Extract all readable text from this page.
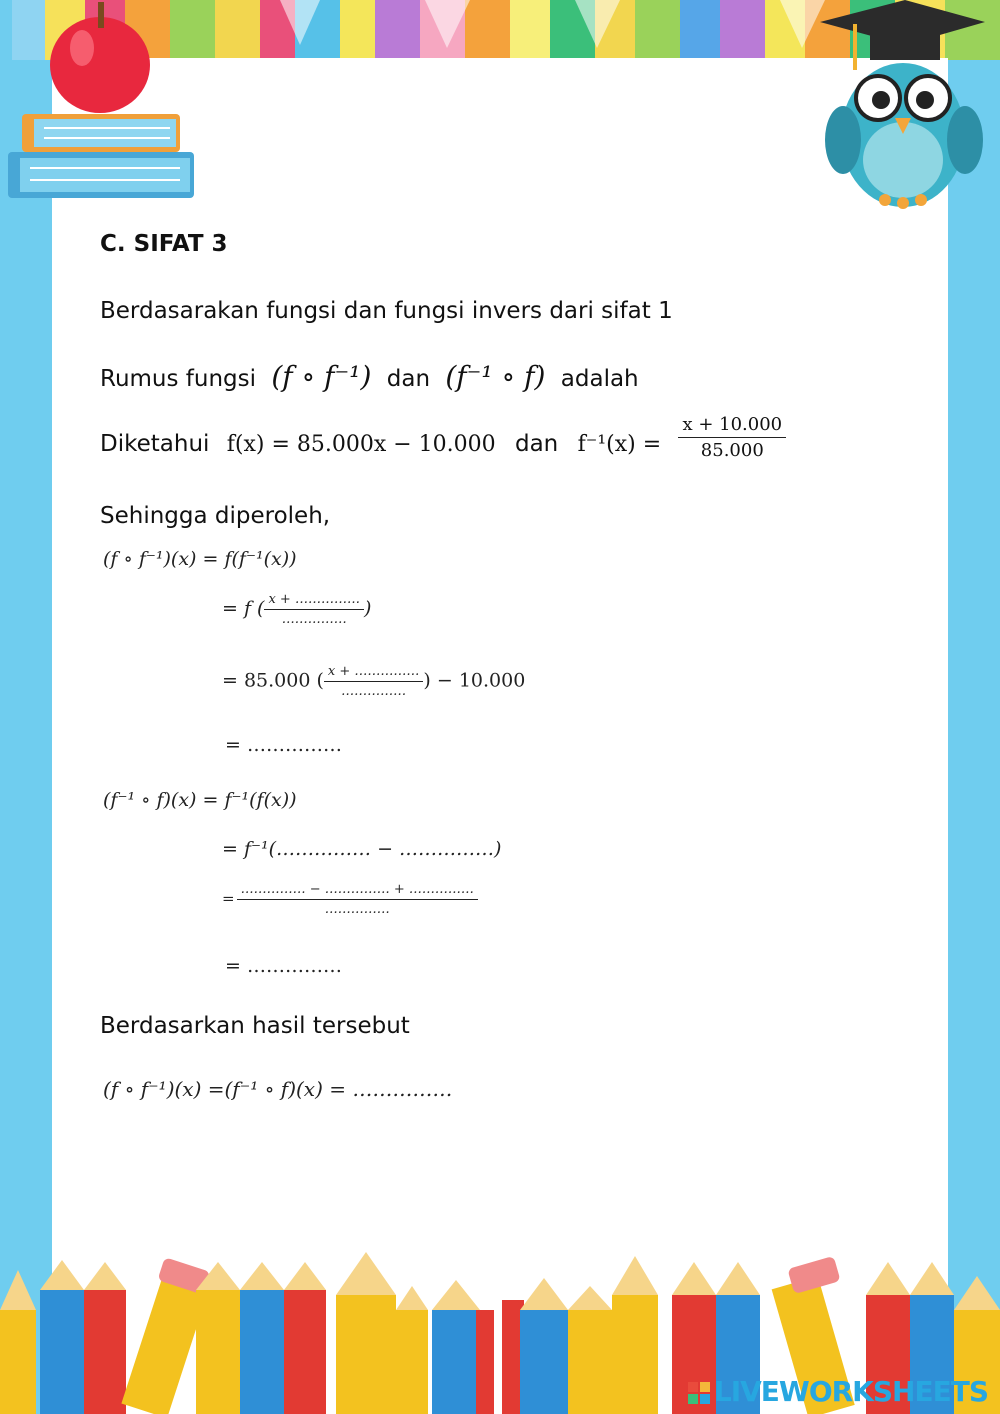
C. SIFAT 3
Berdasarakan fungsi dan fungsi invers dari sifat 1
Rumus fungsi (f ∘ f⁻¹) dan (f⁻¹ ∘ f) adalah
Diketahui f(x) = 85.000x − 10.000 dan $f^{-1}(x) = \frac{x + 10.000}{85.000}$
Sehingga diperoleh,
(f ∘ f⁻¹)(x) = f(f⁻¹(x))
= f ( $\frac{x + \dots\dots\dots\dots\dots}{\dots\dots\dots\dots\dots}$ )
= 85.000 ( $\frac{x + \dots\dots\dots\dots\dots}{\dots\dots\dots\dots\dots}$ ) − 10.000
= ……………
(f⁻¹ ∘ f)(x) = f⁻¹(f(x))
= f⁻¹(…………… − ……………)
= $\frac{\dots\dots\dots\dots\dots - \dots\dots\dots\dots\dots + \dots\dots\dots\dots\dots}{\dots\dots\dots\dots\dots}$
= ……………
Berdasarkan hasil tersebut
(f ∘ f⁻¹)(x) =(f⁻¹ ∘ f)(x) = ……………
LIVEWORKSHEETS
